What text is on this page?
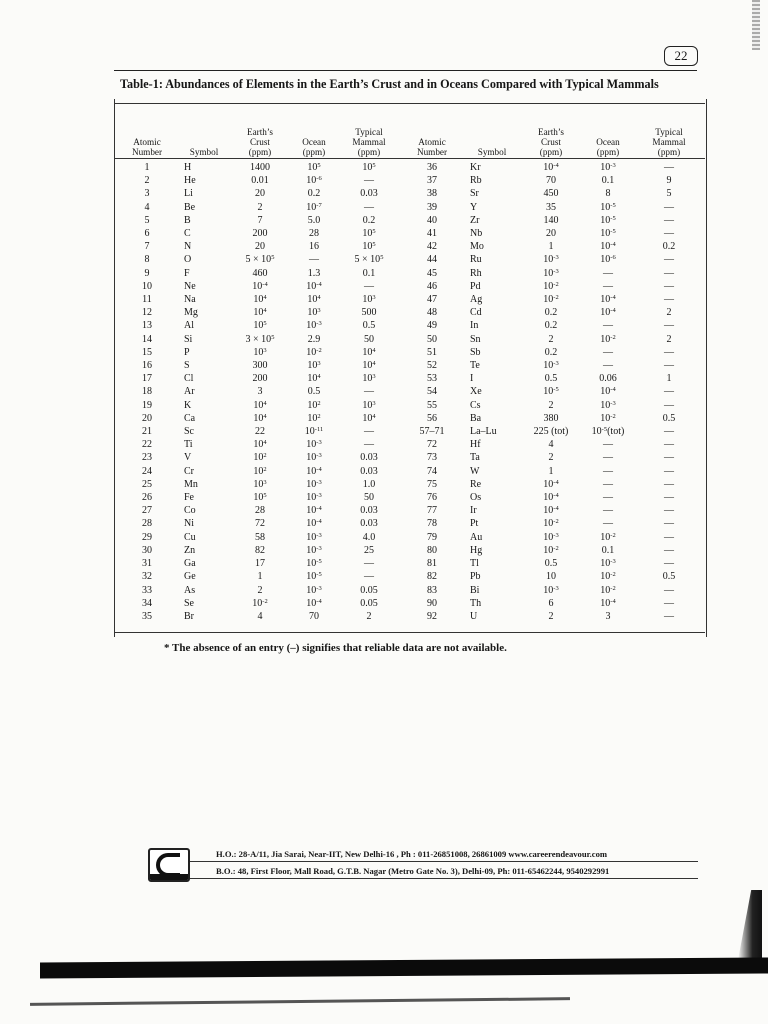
22
Table-1: Abundances of Elements in the Earth’s Crust and in Oceans Compared with Typical Mammals
Atomic
Number	Symbol	Earth’s
Crust
(ppm)	Ocean
(ppm)	Typical
Mammal
(ppm)	Atomic
Number	Symbol	Earth’s
Crust
(ppm)	Ocean
(ppm)	Typical
Mammal
(ppm)

1	H	1400	$10^5$	$10^5$	36	Kr	$10^{-4}$	$10^{-3}$	—
2	He	0.01	$10^{-6}$	—	37	Rb	70	0.1	9
3	Li	20	0.2	0.03	38	Sr	450	8	5
4	Be	2	$10^{-7}$	—	39	Y	35	$10^{-5}$	—
5	B	7	5.0	0.2	40	Zr	140	$10^{-5}$	—
6	C	200	28	$10^5$	41	Nb	20	$10^{-5}$	—
7	N	20	16	$10^5$	42	Mo	1	$10^{-4}$	0.2
8	O	$5 \times 10^5$	—	$5 \times 10^5$	44	Ru	$10^{-3}$	$10^{-6}$	—
9	F	460	1.3	0.1	45	Rh	$10^{-3}$	—	—
10	Ne	$10^{-4}$	$10^{-4}$	—	46	Pd	$10^{-2}$	—	—
11	Na	$10^4$	$10^4$	$10^3$	47	Ag	$10^{-2}$	$10^{-4}$	—
12	Mg	$10^4$	$10^3$	500	48	Cd	0.2	$10^{-4}$	2
13	Al	$10^5$	$10^{-3}$	0.5	49	In	0.2	—	—
14	Si	$3 \times 10^5$	2.9	50	50	Sn	2	$10^{-2}$	2
15	P	$10^3$	$10^{-2}$	$10^4$	51	Sb	0.2	—	—
16	S	300	$10^3$	$10^4$	52	Te	$10^{-3}$	—	—
17	Cl	200	$10^4$	$10^3$	53	I	0.5	0.06	1
18	Ar	3	0.5	—	54	Xe	$10^{-5}$	$10^{-4}$	—
19	K	$10^4$	$10^2$	$10^3$	55	Cs	2	$10^{-3}$	—
20	Ca	$10^4$	$10^2$	$10^4$	56	Ba	380	$10^{-2}$	0.5
21	Sc	22	$10^{-11}$	—	57–71	La–Lu	225 (tot)	$10^{-5}(tot)$	—
22	Ti	$10^4$	$10^{-3}$	—	72	Hf	4	—	—
23	V	$10^2$	$10^{-3}$	0.03	73	Ta	2	—	—
24	Cr	$10^2$	$10^{-4}$	0.03	74	W	1	—	—
25	Mn	$10^3$	$10^{-3}$	1.0	75	Re	$10^{-4}$	—	—
26	Fe	$10^5$	$10^{-3}$	50	76	Os	$10^{-4}$	—	—
27	Co	28	$10^{-4}$	0.03	77	Ir	$10^{-4}$	—	—
28	Ni	72	$10^{-4}$	0.03	78	Pt	$10^{-2}$	—	—
29	Cu	58	$10^{-3}$	4.0	79	Au	$10^{-3}$	$10^{-2}$	—
30	Zn	82	$10^{-3}$	25	80	Hg	$10^{-2}$	0.1	—
31	Ga	17	$10^{-5}$	—	81	Tl	0.5	$10^{-3}$	—
32	Ge	1	$10^{-5}$	—	82	Pb	10	$10^{-2}$	0.5
33	As	2	$10^{-3}$	0.05	83	Bi	$10^{-3}$	$10^{-2}$	—
34	Se	$10^{-2}$	$10^{-4}$	0.05	90	Th	6	$10^{-4}$	—
35	Br	4	70	2	92	U	2	3	—
* The absence of an entry (–) signifies that reliable data are not available.
H.O.: 28-A/11, Jia Sarai, Near-IIT, New Delhi-16 , Ph : 011-26851008, 26861009 www.careerendeavour.com
B.O.: 48, First Floor, Mall Road, G.T.B. Nagar (Metro Gate No. 3), Delhi-09, Ph: 011-65462244, 9540292991
